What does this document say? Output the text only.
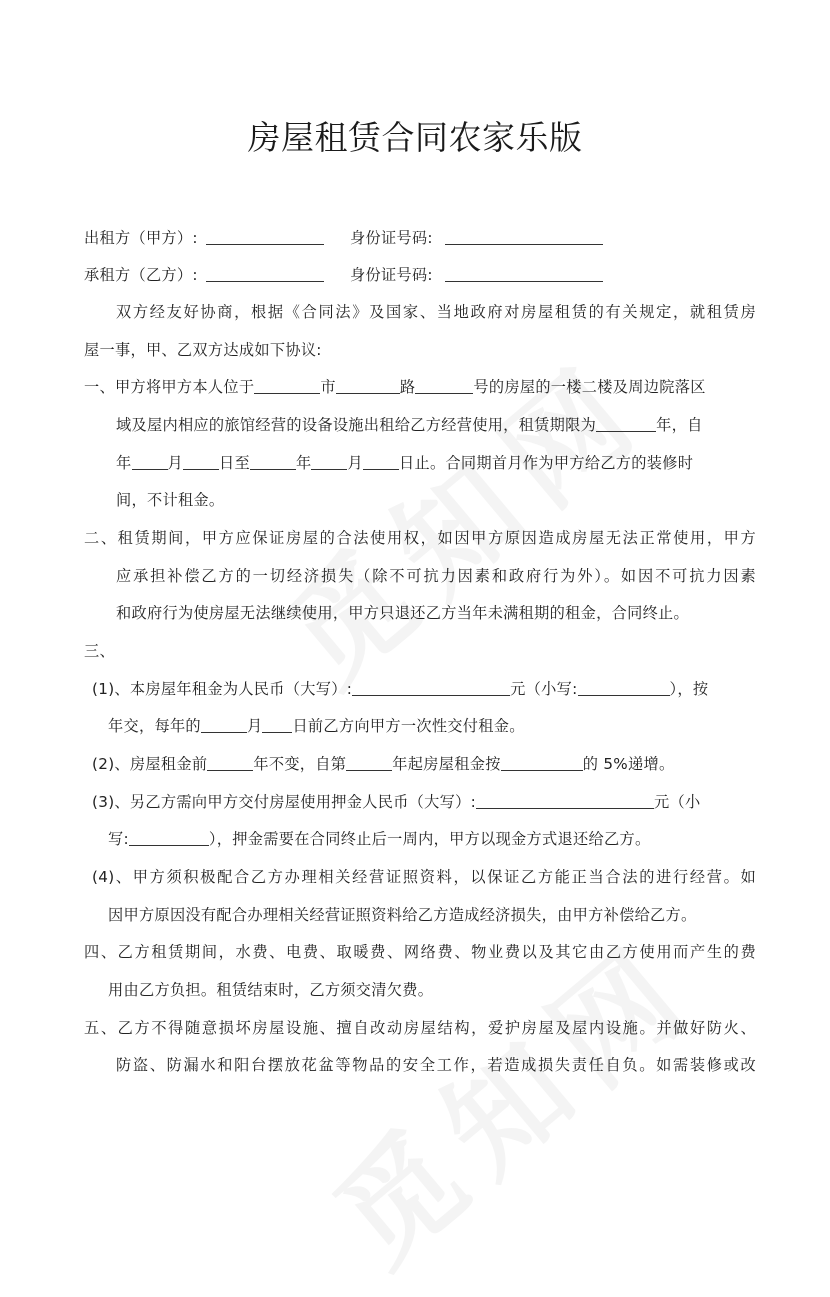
房屋租赁合同农家乐版
出租方（甲方）:	身份证号码:
承租方（乙方）:	身份证号码:
双方经友好协商，根据《合同法》及国家、当地政府对房屋租赁的有关规定，就租赁房
屋一事，甲、乙双方达成如下协议:
一、甲方将甲方本人位于	市	路	号的房屋的一楼二楼及周边院落区
域及屋内相应的旅馆经营的设备设施出租给乙方经营使用，租赁期限为	年，自
年 月 日至	年 月 日止。合同期首月作为甲方给乙方的装修时
间，不计租金。
二、租赁期间，甲方应保证房屋的合法使用权，如因甲方原因造成房屋无法正常使用，甲方
应承担补偿乙方的一切经济损失（除不可抗力因素和政府行为外）。如因不可抗力因素
和政府行为使房屋无法继续使用，甲方只退还乙方当年未满租期的租金，合同终止。
三、
(1)、本房屋年租金为人民币（大写）:	元（小写:	），按
年交，每年的	月 日前乙方向甲方一次性交付租金。
(2)、房屋租金前	年不变，自第	年起房屋租金按	的 5%递增。
(3)、另乙方需向甲方交付房屋使用押金人民币（大写）:	元（小
写:	），押金需要在合同终止后一周内，甲方以现金方式退还给乙方。
(4)、甲方须积极配合乙方办理相关经营证照资料，以保证乙方能正当合法的进行经营。如
因甲方原因没有配合办理相关经营证照资料给乙方造成经济损失，由甲方补偿给乙方。
四、乙方租赁期间，水费、电费、取暖费、网络费、物业费以及其它由乙方使用而产生的费
用由乙方负担。租赁结束时，乙方须交清欠费。
五、乙方不得随意损坏房屋设施、擅自改动房屋结构，爱护房屋及屋内设施。并做好防火、
防盗、防漏水和阳台摆放花盆等物品的安全工作，若造成损失责任自负。如需装修或改
